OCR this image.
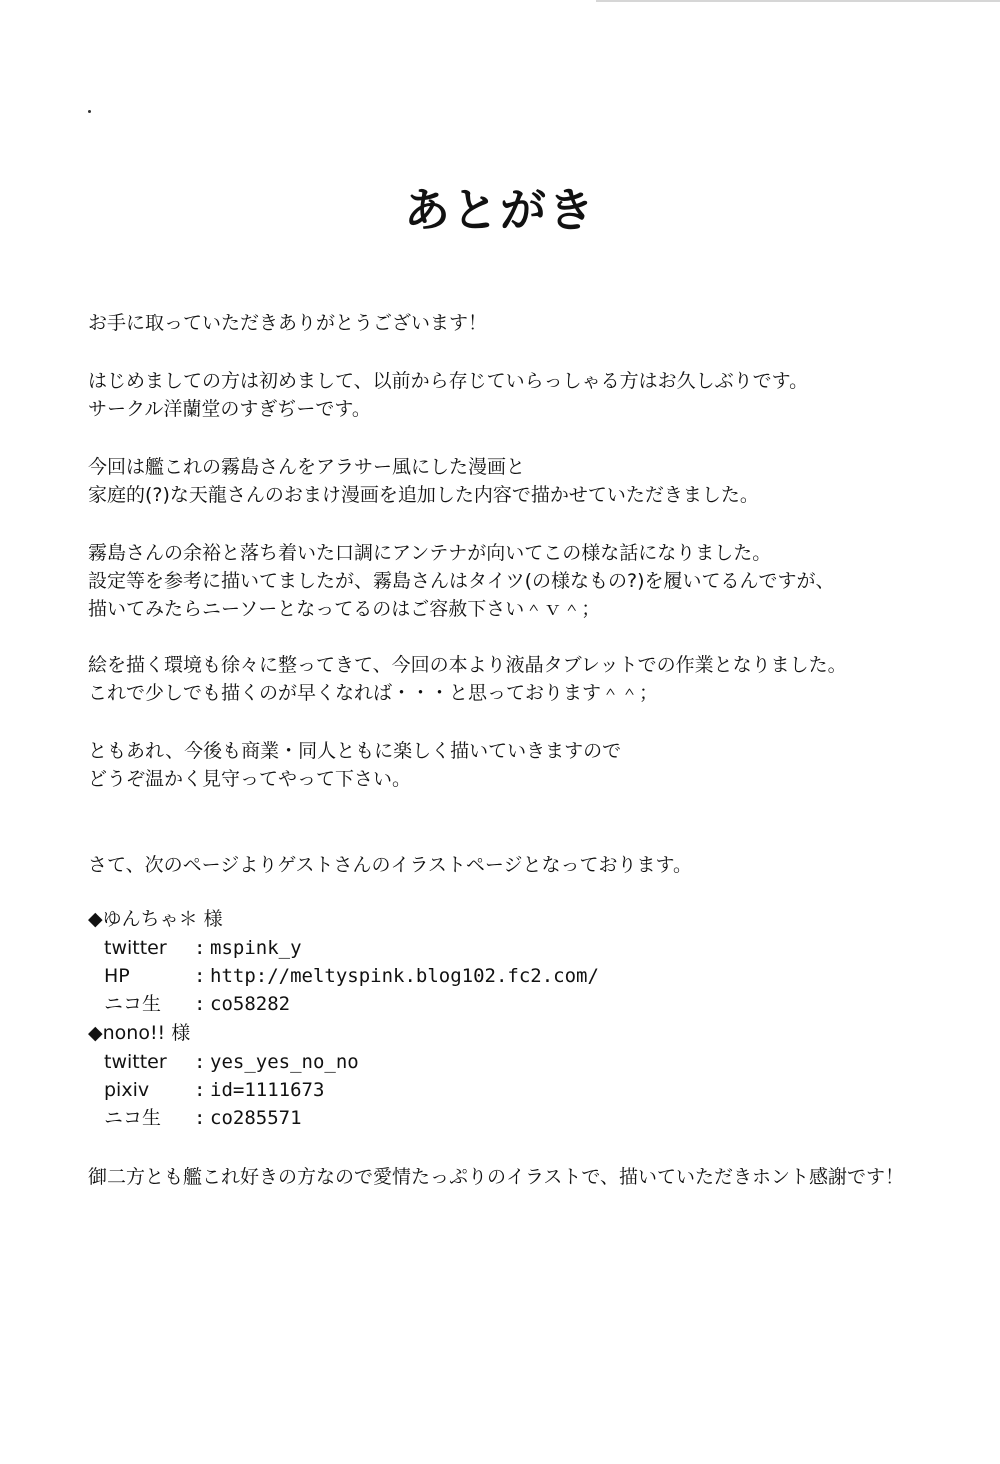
あとがき
お手に取っていただきありがとうございます！
はじめましての方は初めまして、以前から存じていらっしゃる方はお久しぶりです。
サークル洋蘭堂のすぎぢーです。
今回は艦これの霧島さんをアラサー風にした漫画と
家庭的(?)な天龍さんのおまけ漫画を追加した内容で描かせていただきました。
霧島さんの余裕と落ち着いた口調にアンテナが向いてこの様な話になりました。
設定等を参考に描いてましたが、霧島さんはタイツ(の様なもの?)を履いてるんですが、
描いてみたらニーソーとなってるのはご容赦下さい＾ｖ＾；
絵を描く環境も徐々に整ってきて、今回の本より液晶タブレットでの作業となりました。
これで少しでも描くのが早くなれば・・・と思っております＾＾；
ともあれ、今後も商業・同人ともに楽しく描いていきますので
どうぞ温かく見守ってやって下さい。
さて、次のページよりゲストさんのイラストページとなっております。
◆ゆんちゃ＊ 様
twitter : mspink_y
HP	: http://meltyspink.blog102.fc2.com/
ニコ生 : co58282
◆nono!! 様
twitter : yes_yes_no_no
pixiv : id=1111673
ニコ生 : co285571
御二方とも艦これ好きの方なので愛情たっぷりのイラストで、描いていただきホント感謝です！
